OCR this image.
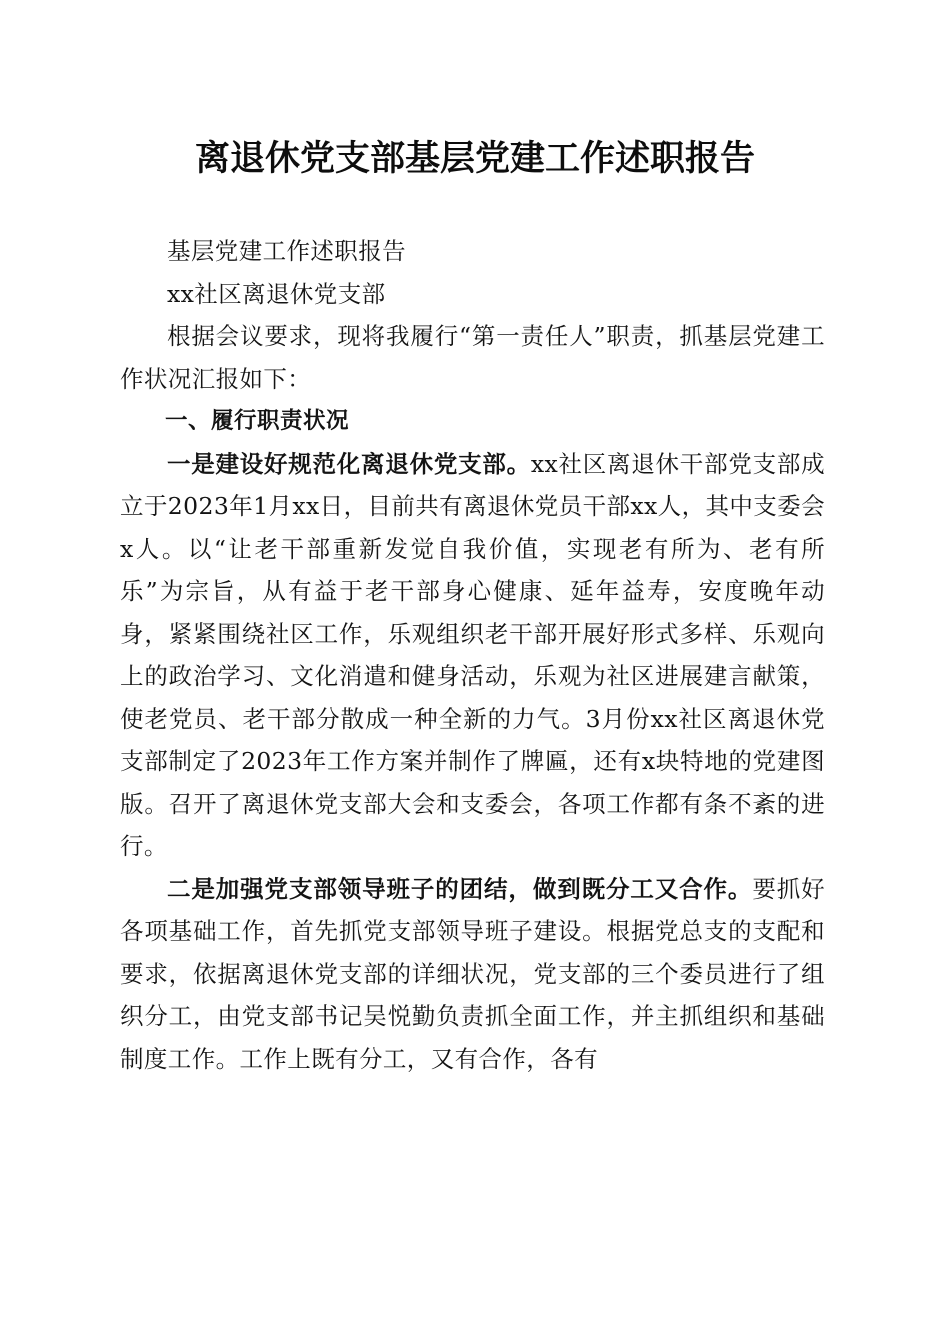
离退休党支部基层党建工作述职报告

基层党建工作述职报告

xx社区离退休党支部

根据会议要求，现将我履行“第一责任人”职责，抓基层党建工作状况汇报如下：

一、履行职责状况

一是建设好规范化离退休党支部。xx社区离退休干部党支部成立于2023年1月xx日，目前共有离退休党员干部xx人，其中支委会x人。以“让老干部重新发觉自我价值，实现老有所为、老有所乐”为宗旨，从有益于老干部身心健康、延年益寿，安度晚年动身，紧紧围绕社区工作，乐观组织老干部开展好形式多样、乐观向上的政治学习、文化消遣和健身活动，乐观为社区进展建言献策，使老党员、老干部分散成一种全新的力气。3月份xx社区离退休党支部制定了2023年工作方案并制作了牌匾，还有x块特地的党建图版。召开了离退休党支部大会和支委会，各项工作都有条不紊的进行。

二是加强党支部领导班子的团结，做到既分工又合作。要抓好各项基础工作，首先抓党支部领导班子建设。根据党总支的支配和要求，依据离退休党支部的详细状况，党支部的三个委员进行了组织分工，由党支部书记吴悦勤负责抓全面工作，并主抓组织和基础制度工作。工作上既有分工，又有合作，各有
